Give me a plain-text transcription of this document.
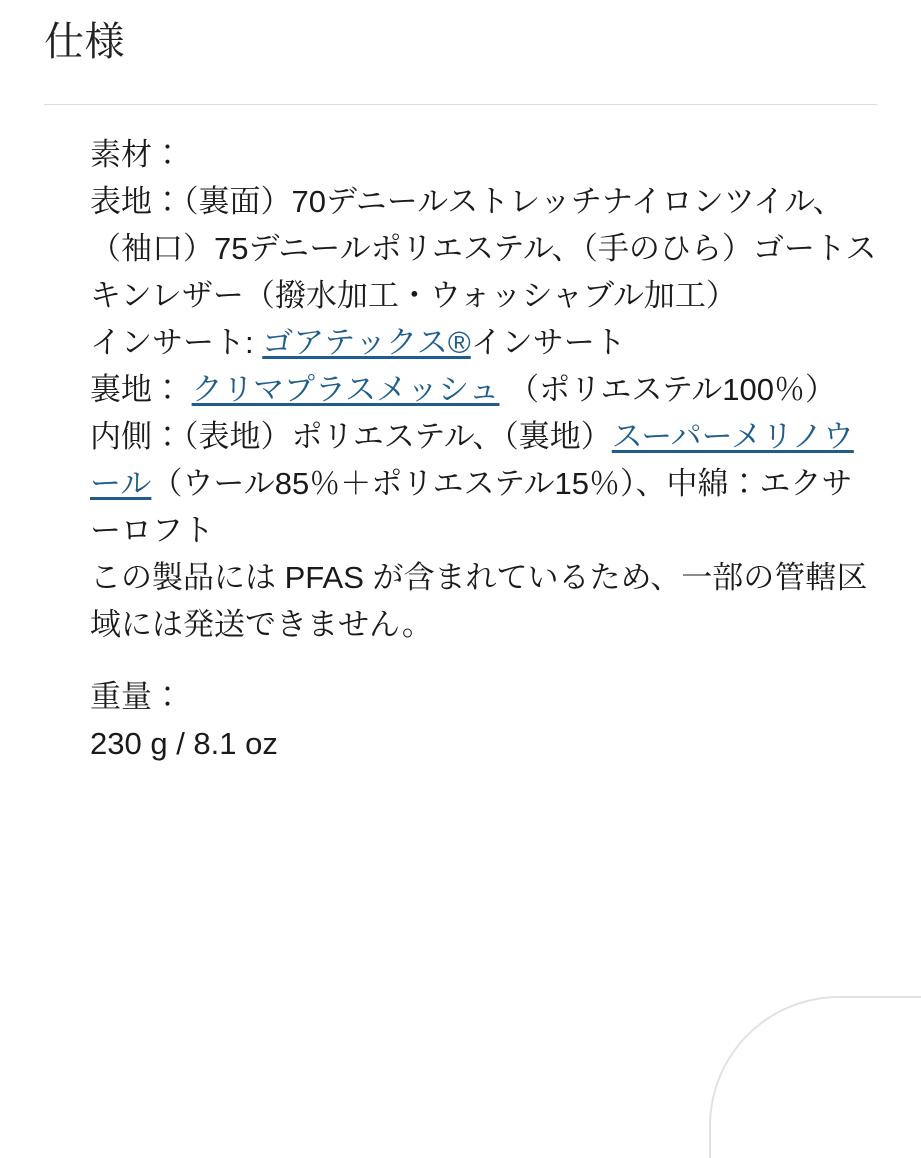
仕様

素材：

表地：（裏面）70デニールストレッチナイロンツイル、（袖口）75デニールポリエステル、（手のひら）ゴートスキンレザー（撥水加工・ウォッシャブル加工）

インサート: ゴアテックス®インサート

裏地： クリマプラスメッシュ （ポリエステル100％）

内側：（表地）ポリエステル、（裏地）スーパーメリノウール（ウール85％＋ポリエステル15％）、中綿：エクサーロフト

この製品には PFAS が含まれているため、一部の管轄区域には発送できません。

重量：

230 g / 8.1 oz
